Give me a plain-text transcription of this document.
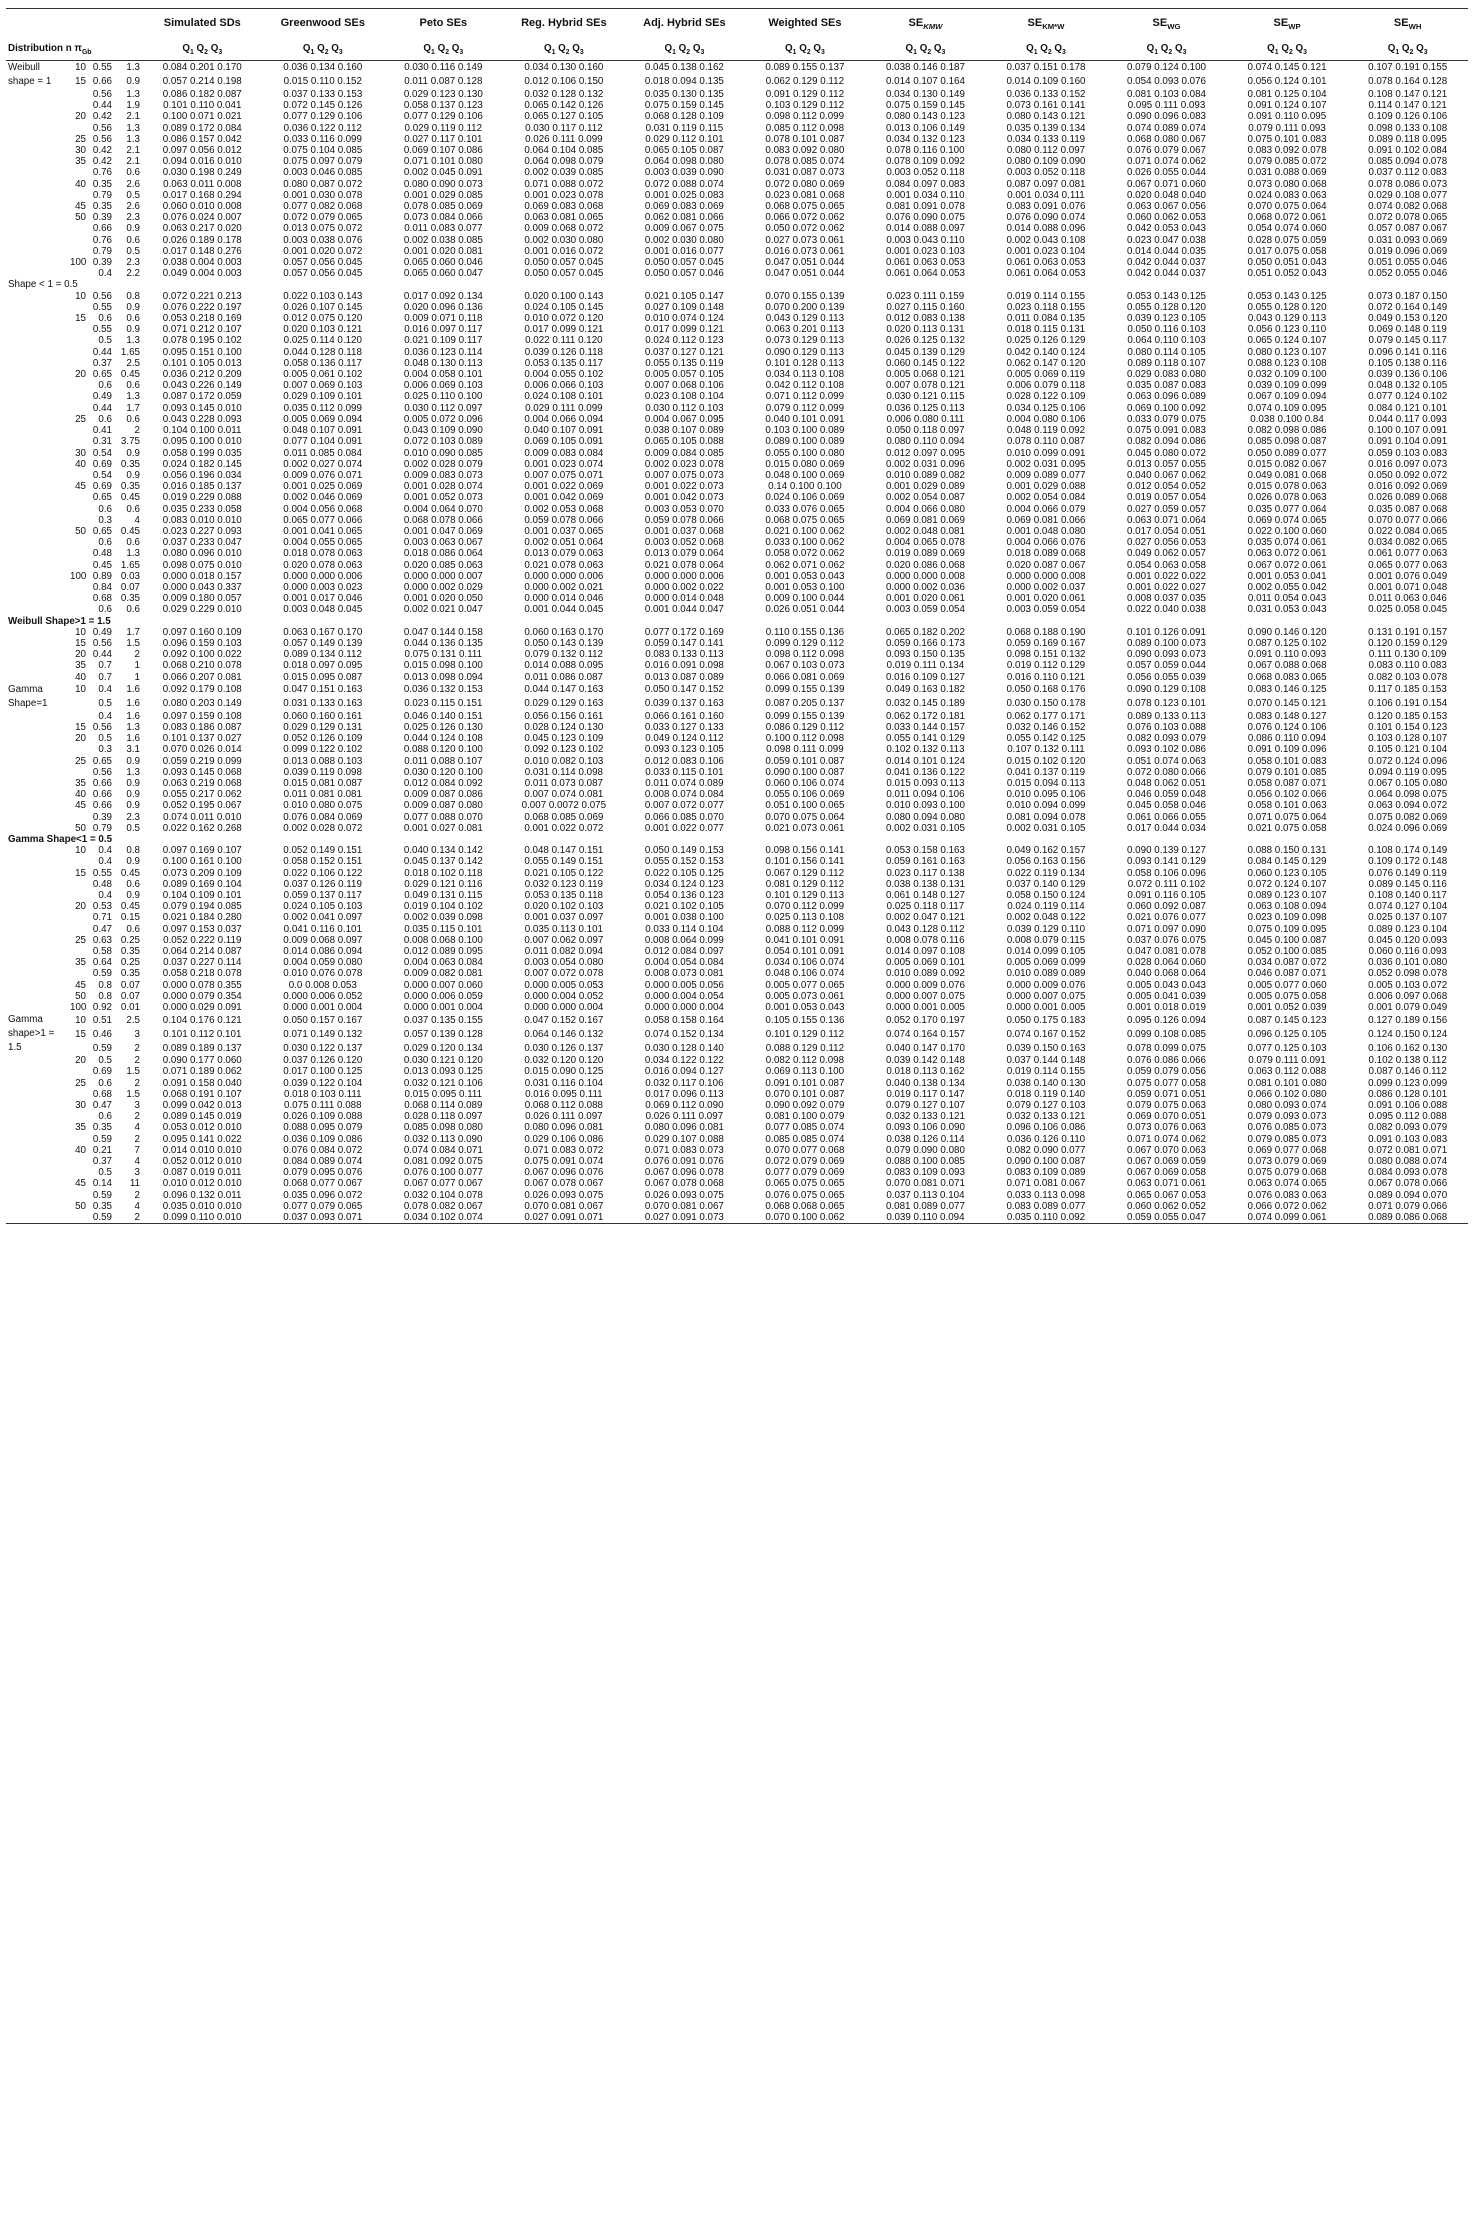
				Simulated SDs	Greenwood SEs	Peto SEs	Reg. Hybrid SEs	Adj. Hybrid SEs	Weighted SEs	$SE_{KMW}$	$SE_{KM*W}$	$SE_{WG}$	$SE_{WP}$	$SE_{WH}$
Distribution n $\pi_{Gb}$				$Q_1$ $Q_2$ $Q_3$	$Q_1$ $Q_2$ $Q_3$	$Q_1$ $Q_2$ $Q_3$	$Q_1$ $Q_2$ $Q_3$	$Q_1$ $Q_2$ $Q_3$	$Q_1$ $Q_2$ $Q_3$	$Q_1$ $Q_2$ $Q_3$	$Q_1$ $Q_2$ $Q_3$	$Q_1$ $Q_2$ $Q_3$	$Q_1$ $Q_2$ $Q_3$	$Q_1$ $Q_2$ $Q_3$
Weibull	10	0.55	1.3	0.084 0.201 0.170	0.036 0.134 0.160	0.030 0.116 0.149	0.034 0.130 0.160	0.045 0.138 0.162	0.089 0.155 0.137	0.038 0.146 0.187	0.037 0.151 0.178	0.079 0.124 0.100	0.074 0.145 0.121	0.107 0.191 0.155
shape = 1	15	0.66	0.9	0.057 0.214 0.198	0.015 0.110 0.152	0.011 0.087 0.128	0.012 0.106 0.150	0.018 0.094 0.135	0.062 0.129 0.112	0.014 0.107 0.164	0.014 0.109 0.160	0.054 0.093 0.076	0.056 0.124 0.101	0.078 0.164 0.128
		0.56	1.3	0.086 0.182 0.087	0.037 0.133 0.153	0.029 0.123 0.130	0.032 0.128 0.132	0.035 0.130 0.135	0.091 0.129 0.112	0.034 0.130 0.149	0.036 0.133 0.152	0.081 0.103 0.084	0.081 0.125 0.104	0.108 0.147 0.121
		0.44	1.9	0.101 0.110 0.041	0.072 0.145 0.126	0.058 0.137 0.123	0.065 0.142 0.126	0.075 0.159 0.145	0.103 0.129 0.112	0.075 0.159 0.145	0.073 0.161 0.141	0.095 0.111 0.093	0.091 0.124 0.107	0.114 0.147 0.121
	20	0.42	2.1	0.100 0.071 0.021	0.077 0.129 0.106	0.077 0.129 0.106	0.065 0.127 0.105	0.068 0.128 0.109	0.098 0.112 0.099	0.080 0.143 0.123	0.080 0.143 0.121	0.090 0.096 0.083	0.091 0.110 0.095	0.109 0.126 0.106
		0.56	1.3	0.089 0.172 0.084	0.036 0.122 0.112	0.029 0.119 0.112	0.030 0.117 0.112	0.031 0.119 0.115	0.085 0.112 0.098	0.013 0.106 0.149	0.035 0.139 0.134	0.074 0.089 0.074	0.079 0.111 0.093	0.098 0.133 0.108
	25	0.56	1.3	0.086 0.157 0.042	0.033 0.116 0.099	0.027 0.117 0.101	0.026 0.111 0.099	0.029 0.112 0.101	0.078 0.101 0.087	0.034 0.132 0.123	0.034 0.133 0.119	0.068 0.080 0.067	0.075 0.101 0.083	0.089 0.118 0.095
	30	0.42	2.1	0.097 0.056 0.012	0.075 0.104 0.085	0.069 0.107 0.086	0.064 0.104 0.085	0.065 0.105 0.087	0.083 0.092 0.080	0.078 0.116 0.100	0.080 0.112 0.097	0.076 0.079 0.067	0.083 0.092 0.078	0.091 0.102 0.084
	35	0.42	2.1	0.094 0.016 0.010	0.075 0.097 0.079	0.071 0.101 0.080	0.064 0.098 0.079	0.064 0.098 0.080	0.078 0.085 0.074	0.078 0.109 0.092	0.080 0.109 0.090	0.071 0.074 0.062	0.079 0.085 0.072	0.085 0.094 0.078
		0.76	0.6	0.030 0.198 0.249	0.003 0.046 0.085	0.002 0.045 0.091	0.002 0.039 0.085	0.003 0.039 0.090	0.031 0.087 0.073	0.003 0.052 0.118	0.003 0.052 0.118	0.026 0.055 0.044	0.031 0.088 0.069	0.037 0.112 0.083
	40	0.35	2.6	0.063 0.011 0.008	0.080 0.087 0.072	0.080 0.090 0.073	0.071 0.088 0.072	0.072 0.088 0.074	0.072 0.080 0.069	0.084 0.097 0.083	0.087 0.097 0.081	0.067 0.071 0.060	0.073 0.080 0.068	0.078 0.086 0.073
		0.79	0.5	0.017 0.168 0.294	0.001 0.030 0.078	0.001 0.029 0.085	0.001 0.023 0.078	0.001 0.025 0.083	0.023 0.081 0.068	0.001 0.034 0.110	0.001 0.034 0.111	0.020 0.048 0.040	0.024 0.083 0.063	0.029 0.108 0.077
	45	0.35	2.6	0.060 0.010 0.008	0.077 0.082 0.068	0.078 0.085 0.069	0.069 0.083 0.068	0.069 0.083 0.069	0.068 0.075 0.065	0.081 0.091 0.078	0.083 0.091 0.076	0.063 0.067 0.056	0.070 0.075 0.064	0.074 0.082 0.068
	50	0.39	2.3	0.076 0.024 0.007	0.072 0.079 0.065	0.073 0.084 0.066	0.063 0.081 0.065	0.062 0.081 0.066	0.066 0.072 0.062	0.076 0.090 0.075	0.076 0.090 0.074	0.060 0.062 0.053	0.068 0.072 0.061	0.072 0.078 0.065
		0.66	0.9	0.063 0.217 0.020	0.013 0.075 0.072	0.011 0.083 0.077	0.009 0.068 0.072	0.009 0.067 0.075	0.050 0.072 0.062	0.014 0.088 0.097	0.014 0.088 0.096	0.042 0.053 0.043	0.054 0.074 0.060	0.057 0.087 0.067
		0.76	0.6	0.026 0.189 0.178	0.003 0.038 0.076	0.002 0.038 0.085	0.002 0.030 0.080	0.002 0.030 0.080	0.027 0.073 0.061	0.003 0.043 0.110	0.002 0.043 0.108	0.023 0.047 0.038	0.028 0.075 0.059	0.031 0.093 0.069
		0.79	0.5	0.017 0.148 0.276	0.001 0.020 0.072	0.001 0.020 0.081	0.001 0.016 0.072	0.001 0.016 0.077	0.016 0.073 0.061	0.001 0.023 0.103	0.001 0.023 0.104	0.014 0.044 0.035	0.017 0.075 0.058	0.019 0.096 0.069
	100	0.39	2.3	0.038 0.004 0.003	0.057 0.056 0.045	0.065 0.060 0.046	0.050 0.057 0.045	0.050 0.057 0.045	0.047 0.051 0.044	0.061 0.063 0.053	0.061 0.063 0.053	0.042 0.044 0.037	0.050 0.051 0.043	0.051 0.055 0.046
		0.4	2.2	0.049 0.004 0.003	0.057 0.056 0.045	0.065 0.060 0.047	0.050 0.057 0.045	0.050 0.057 0.046	0.047 0.051 0.044	0.061 0.064 0.053	0.061 0.064 0.053	0.042 0.044 0.037	0.051 0.052 0.043	0.052 0.055 0.046
Shape < 1 = 0.5														
	10	0.56	0.8	0.072 0.221 0.213	0.022 0.103 0.143	0.017 0.092 0.134	0.020 0.100 0.143	0.021 0.105 0.147	0.070 0.155 0.139	0.023 0.111 0.159	0.019 0.114 0.155	0.053 0.143 0.125	0.053 0.143 0.125	0.073 0.187 0.150
		0.55	0.9	0.076 0.222 0.197	0.026 0.107 0.145	0.020 0.096 0.136	0.024 0.105 0.145	0.027 0.109 0.148	0.070 0.200 0.139	0.027 0.115 0.160	0.023 0.118 0.155	0.055 0.128 0.120	0.055 0.128 0.120	0.072 0.164 0.149
	15	0.6	0.6	0.053 0.218 0.169	0.012 0.075 0.120	0.009 0.071 0.118	0.010 0.072 0.120	0.010 0.074 0.124	0.043 0.129 0.113	0.012 0.083 0.138	0.011 0.084 0.135	0.039 0.123 0.105	0.043 0.129 0.113	0.049 0.153 0.120
		0.55	0.9	0.071 0.212 0.107	0.020 0.103 0.121	0.016 0.097 0.117	0.017 0.099 0.121	0.017 0.099 0.121	0.063 0.201 0.113	0.020 0.113 0.131	0.018 0.115 0.131	0.050 0.116 0.103	0.056 0.123 0.110	0.069 0.148 0.119
		0.5	1.3	0.078 0.195 0.102	0.025 0.114 0.120	0.021 0.109 0.117	0.022 0.111 0.120	0.024 0.112 0.123	0.073 0.129 0.113	0.026 0.125 0.132	0.025 0.126 0.129	0.064 0.110 0.103	0.065 0.124 0.107	0.079 0.145 0.117
		0.44	1.65	0.095 0.151 0.100	0.044 0.128 0.118	0.036 0.123 0.114	0.039 0.126 0.118	0.037 0.127 0.121	0.090 0.129 0.113	0.045 0.139 0.129	0.042 0.140 0.124	0.080 0.114 0.105	0.080 0.123 0.107	0.096 0.141 0.116
		0.37	2.5	0.101 0.105 0.013	0.058 0.136 0.117	0.048 0.130 0.113	0.053 0.135 0.117	0.055 0.135 0.119	0.101 0.128 0.113	0.060 0.145 0.122	0.062 0.147 0.120	0.089 0.118 0.107	0.088 0.123 0.108	0.105 0.138 0.116
	20	0.65	0.45	0.036 0.212 0.209	0.005 0.061 0.102	0.004 0.058 0.101	0.004 0.055 0.102	0.005 0.057 0.105	0.034 0.113 0.108	0.005 0.068 0.121	0.005 0.069 0.119	0.029 0.083 0.080	0.032 0.109 0.100	0.039 0.136 0.106
		0.6	0.6	0.043 0.226 0.149	0.007 0.069 0.103	0.006 0.069 0.103	0.006 0.066 0.103	0.007 0.068 0.106	0.042 0.112 0.108	0.007 0.078 0.121	0.006 0.079 0.118	0.035 0.087 0.083	0.039 0.109 0.099	0.048 0.132 0.105
		0.49	1.3	0.087 0.172 0.059	0.029 0.109 0.101	0.025 0.110 0.100	0.024 0.108 0.101	0.023 0.108 0.104	0.071 0.112 0.099	0.030 0.121 0.115	0.028 0.122 0.109	0.063 0.096 0.089	0.067 0.109 0.094	0.077 0.124 0.102
		0.44	1.7	0.093 0.145 0.010	0.035 0.112 0.099	0.030 0.112 0.097	0.029 0.111 0.099	0.030 0.112 0.103	0.079 0.112 0.099	0.036 0.125 0.113	0.034 0.125 0.106	0.069 0.100 0.092	0.074 0.109 0.095	0.084 0.121 0.101
	25	0.6	0.6	0.043 0.228 0.093	0.005 0.069 0.094	0.005 0.072 0.096	0.004 0.066 0.094	0.004 0.067 0.095	0.040 0.101 0.091	0.006 0.080 0.111	0.004 0.080 0.106	0.033 0.079 0.075	0.038 0.100 0.84	0.044 0.117 0.093
		0.41	2	0.104 0.100 0.011	0.048 0.107 0.091	0.043 0.109 0.090	0.040 0.107 0.091	0.038 0.107 0.089	0.103 0.100 0.089	0.050 0.118 0.097	0.048 0.119 0.092	0.075 0.091 0.083	0.082 0.098 0.086	0.100 0.107 0.091
		0.31	3.75	0.095 0.100 0.010	0.077 0.104 0.091	0.072 0.103 0.089	0.069 0.105 0.091	0.065 0.105 0.088	0.089 0.100 0.089	0.080 0.110 0.094	0.078 0.110 0.087	0.082 0.094 0.086	0.085 0.098 0.087	0.091 0.104 0.091
	30	0.54	0.9	0.058 0.199 0.035	0.011 0.085 0.084	0.010 0.090 0.085	0.009 0.083 0.084	0.009 0.084 0.085	0.055 0.100 0.080	0.012 0.097 0.095	0.010 0.099 0.091	0.045 0.080 0.072	0.050 0.089 0.077	0.059 0.103 0.083
	40	0.69	0.35	0.024 0.182 0.145	0.002 0.027 0.074	0.002 0.028 0.079	0.001 0.023 0.074	0.002 0.023 0.078	0.015 0.080 0.069	0.002 0.031 0.096	0.002 0.031 0.095	0.013 0.057 0.055	0.015 0.082 0.067	0.016 0.097 0.073
		0.54	0.9	0.056 0.196 0.034	0.009 0.076 0.071	0.009 0.083 0.073	0.007 0.075 0.071	0.007 0.075 0.073	0.048 0.100 0.069	0.010 0.089 0.082	0.009 0.089 0.077	0.040 0.067 0.062	0.049 0.081 0.068	0.050 0.092 0.072
	45	0.69	0.35	0.016 0.185 0.137	0.001 0.025 0.069	0.001 0.028 0.074	0.001 0.022 0.069	0.001 0.022 0.073	0.14 0.100 0.100	0.001 0.029 0.089	0.001 0.029 0.088	0.012 0.054 0.052	0.015 0.078 0.063	0.016 0.092 0.069
		0.65	0.45	0.019 0.229 0.088	0.002 0.046 0.069	0.001 0.052 0.073	0.001 0.042 0.069	0.001 0.042 0.073	0.024 0.106 0.069	0.002 0.054 0.087	0.002 0.054 0.084	0.019 0.057 0.054	0.026 0.078 0.063	0.026 0.089 0.068
		0.6	0.6	0.035 0.233 0.058	0.004 0.056 0.068	0.004 0.064 0.070	0.002 0.053 0.068	0.003 0.053 0.070	0.033 0.076 0.065	0.004 0.066 0.080	0.004 0.066 0.079	0.027 0.059 0.057	0.035 0.077 0.064	0.035 0.087 0.068
		0.3	4	0.083 0.010 0.010	0.065 0.077 0.066	0.068 0.078 0.066	0.059 0.078 0.066	0.059 0.078 0.066	0.068 0.075 0.065	0.069 0.081 0.069	0.069 0.081 0.066	0.063 0.071 0.064	0.069 0.074 0.065	0.070 0.077 0.066
	50	0.65	0.45	0.023 0.227 0.093	0.001 0.041 0.065	0.001 0.047 0.069	0.001 0.037 0.065	0.001 0.037 0.068	0.021 0.100 0.062	0.002 0.048 0.081	0.001 0.048 0.080	0.017 0.054 0.051	0.022 0.100 0.060	0.022 0.084 0.065
		0.6	0.6	0.037 0.233 0.047	0.004 0.055 0.065	0.003 0.063 0.067	0.002 0.051 0.064	0.003 0.052 0.068	0.033 0.100 0.062	0.004 0.065 0.078	0.004 0.066 0.076	0.027 0.056 0.053	0.035 0.074 0.061	0.034 0.082 0.065
		0.48	1.3	0.080 0.096 0.010	0.018 0.078 0.063	0.018 0.086 0.064	0.013 0.079 0.063	0.013 0.079 0.064	0.058 0.072 0.062	0.019 0.089 0.069	0.018 0.089 0.068	0.049 0.062 0.057	0.063 0.072 0.061	0.061 0.077 0.063
		0.45	1.65	0.098 0.075 0.010	0.020 0.078 0.063	0.020 0.085 0.063	0.021 0.078 0.063	0.021 0.078 0.064	0.062 0.071 0.062	0.020 0.086 0.068	0.020 0.087 0.067	0.054 0.063 0.058	0.067 0.072 0.061	0.065 0.077 0.063
	100	0.89	0.03	0.000 0.018 0.157	0.000 0.000 0.006	0.000 0.000 0.007	0.000 0.000 0.006	0.000 0.000 0.006	0.001 0.053 0.043	0.000 0.000 0.008	0.000 0.000 0.008	0.001 0.022 0.022	0.001 0.053 0.041	0.001 0.076 0.049
		0.84	0.07	0.000 0.043 0.337	0.000 0.003 0.023	0.000 0.002 0.029	0.000 0.002 0.021	0.000 0.002 0.022	0.001 0.053 0.100	0.000 0.002 0.036	0.000 0.002 0.037	0.001 0.022 0.027	0.002 0.055 0.042	0.001 0.071 0.048
		0.68	0.35	0.009 0.180 0.057	0.001 0.017 0.046	0.001 0.020 0.050	0.000 0.014 0.046	0.000 0.014 0.048	0.009 0.100 0.044	0.001 0.020 0.061	0.001 0.020 0.061	0.008 0.037 0.035	0.011 0.054 0.043	0.011 0.063 0.046
		0.6	0.6	0.029 0.229 0.010	0.003 0.048 0.045	0.002 0.021 0.047	0.001 0.044 0.045	0.001 0.044 0.047	0.026 0.051 0.044	0.003 0.059 0.054	0.003 0.059 0.054	0.022 0.040 0.038	0.031 0.053 0.043	0.025 0.058 0.045
Weibull Shape>1 = 1.5														
	10	0.49	1.7	0.097 0.160 0.109	0.063 0.167 0.170	0.047 0.144 0.158	0.060 0.163 0.170	0.077 0.172 0.169	0.110 0.155 0.136	0.065 0.182 0.202	0.068 0.188 0.190	0.101 0.126 0.091	0.090 0.146 0.120	0.131 0.191 0.157
	15	0.56	1.5	0.096 0.159 0.103	0.057 0.149 0.139	0.044 0.136 0.135	0.050 0.143 0.139	0.059 0.147 0.141	0.099 0.129 0.112	0.059 0.166 0.173	0.059 0.169 0.167	0.089 0.100 0.073	0.087 0.125 0.102	0.120 0.159 0.129
	20	0.44	2	0.092 0.100 0.022	0.089 0.134 0.112	0.075 0.131 0.111	0.079 0.132 0.112	0.083 0.133 0.113	0.098 0.112 0.098	0.093 0.150 0.135	0.098 0.151 0.132	0.090 0.093 0.073	0.091 0.110 0.093	0.111 0.130 0.109
	35	0.7	1	0.068 0.210 0.078	0.018 0.097 0.095	0.015 0.098 0.100	0.014 0.088 0.095	0.016 0.091 0.098	0.067 0.103 0.073	0.019 0.111 0.134	0.019 0.112 0.129	0.057 0.059 0.044	0.067 0.088 0.068	0.083 0.110 0.083
	40	0.7	1	0.066 0.207 0.081	0.015 0.095 0.087	0.013 0.098 0.094	0.011 0.086 0.087	0.013 0.087 0.089	0.066 0.081 0.069	0.016 0.109 0.127	0.016 0.110 0.121	0.056 0.055 0.039	0.068 0.083 0.065	0.082 0.103 0.078
Gamma	10	0.4	1.6	0.092 0.179 0.108	0.047 0.151 0.163	0.036 0.132 0.153	0.044 0.147 0.163	0.050 0.147 0.152	0.099 0.155 0.139	0.049 0.163 0.182	0.050 0.168 0.176	0.090 0.129 0.108	0.083 0.146 0.125	0.117 0.185 0.153
Shape=1		0.5	1.6	0.080 0.203 0.149	0.031 0.133 0.163	0.023 0.115 0.151	0.029 0.129 0.163	0.039 0.137 0.163	0.087 0.205 0.137	0.032 0.145 0.189	0.030 0.150 0.178	0.078 0.123 0.101	0.070 0.145 0.121	0.106 0.191 0.154
		0.4	1.6	0.097 0.159 0.108	0.060 0.160 0.161	0.046 0.140 0.151	0.056 0.156 0.161	0.066 0.161 0.160	0.099 0.155 0.139	0.062 0.172 0.181	0.062 0.177 0.171	0.089 0.133 0.113	0.083 0.148 0.127	0.120 0.185 0.153
	15	0.56	1.3	0.083 0.186 0.087	0.029 0.129 0.131	0.025 0.126 0.130	0.028 0.124 0.130	0.033 0.127 0.133	0.086 0.129 0.112	0.033 0.144 0.157	0.032 0.146 0.152	0.076 0.103 0.088	0.076 0.124 0.106	0.101 0.154 0.123
	20	0.5	1.6	0.101 0.137 0.027	0.052 0.126 0.109	0.044 0.124 0.108	0.045 0.123 0.109	0.049 0.124 0.112	0.100 0.112 0.098	0.055 0.141 0.129	0.055 0.142 0.125	0.082 0.093 0.079	0.086 0.110 0.094	0.103 0.128 0.107
		0.3	3.1	0.070 0.026 0.014	0.099 0.122 0.102	0.088 0.120 0.100	0.092 0.123 0.102	0.093 0.123 0.105	0.098 0.111 0.099	0.102 0.132 0.113	0.107 0.132 0.111	0.093 0.102 0.086	0.091 0.109 0.096	0.105 0.121 0.104
	25	0.65	0.9	0.059 0.219 0.099	0.013 0.088 0.103	0.011 0.088 0.107	0.010 0.082 0.103	0.012 0.083 0.106	0.059 0.101 0.087	0.014 0.101 0.124	0.015 0.102 0.120	0.051 0.074 0.063	0.058 0.101 0.083	0.072 0.124 0.096
		0.56	1.3	0.093 0.145 0.068	0.039 0.119 0.098	0.030 0.120 0.100	0.031 0.114 0.098	0.033 0.115 0.101	0.090 0.100 0.087	0.041 0.136 0.122	0.041 0.137 0.119	0.072 0.080 0.066	0.079 0.101 0.085	0.094 0.119 0.095
	35	0.66	0.9	0.063 0.219 0.068	0.015 0.081 0.087	0.012 0.084 0.092	0.011 0.073 0.087	0.011 0.074 0.089	0.060 0.106 0.074	0.015 0.093 0.113	0.015 0.094 0.113	0.048 0.062 0.051	0.058 0.087 0.071	0.067 0.105 0.080
	40	0.66	0.9	0.055 0.217 0.062	0.011 0.081 0.081	0.009 0.087 0.086	0.007 0.074 0.081	0.008 0.074 0.084	0.055 0.106 0.069	0.011 0.094 0.106	0.010 0.095 0.106	0.046 0.059 0.048	0.056 0.102 0.066	0.064 0.098 0.075
	45	0.66	0.9	0.052 0.195 0.067	0.010 0.080 0.075	0.009 0.087 0.080	0.007 0.0072 0.075	0.007 0.072 0.077	0.051 0.100 0.065	0.010 0.093 0.100	0.010 0.094 0.099	0.045 0.058 0.046	0.058 0.101 0.063	0.063 0.094 0.072
		0.39	2.3	0.074 0.011 0.010	0.076 0.084 0.069	0.077 0.088 0.070	0.068 0.085 0.069	0.066 0.085 0.070	0.070 0.075 0.064	0.080 0.094 0.080	0.081 0.094 0.078	0.061 0.066 0.055	0.071 0.075 0.064	0.075 0.082 0.069
	50	0.79	0.5	0.022 0.162 0.268	0.002 0.028 0.072	0.001 0.027 0.081	0.001 0.022 0.072	0.001 0.022 0.077	0.021 0.073 0.061	0.002 0.031 0.105	0.002 0.031 0.105	0.017 0.044 0.034	0.021 0.075 0.058	0.024 0.096 0.069
Gamma Shape<1 = 0.5														
	10	0.4	0.8	0.097 0.169 0.107	0.052 0.149 0.151	0.040 0.134 0.142	0.048 0.147 0.151	0.050 0.149 0.153	0.098 0.156 0.141	0.053 0.158 0.163	0.049 0.162 0.157	0.090 0.139 0.127	0.088 0.150 0.131	0.108 0.174 0.149
		0.4	0.9	0.100 0.161 0.100	0.058 0.152 0.151	0.045 0.137 0.142	0.055 0.149 0.151	0.055 0.152 0.153	0.101 0.156 0.141	0.059 0.161 0.163	0.056 0.163 0.156	0.093 0.141 0.129	0.084 0.145 0.129	0.109 0.172 0.148
	15	0.55	0.45	0.073 0.209 0.109	0.022 0.106 0.122	0.018 0.102 0.118	0.021 0.105 0.122	0.022 0.105 0.125	0.067 0.129 0.112	0.023 0.117 0.138	0.022 0.119 0.134	0.058 0.106 0.096	0.060 0.123 0.105	0.076 0.149 0.119
		0.48	0.6	0.089 0.169 0.104	0.037 0.126 0.119	0.029 0.121 0.116	0.032 0.123 0.119	0.034 0.124 0.123	0.081 0.129 0.112	0.038 0.138 0.131	0.037 0.140 0.129	0.072 0.111 0.102	0.072 0.124 0.107	0.089 0.145 0.116
		0.4	0.9	0.104 0.109 0.101	0.059 0.137 0.117	0.049 0.131 0.115	0.053 0.135 0.118	0.054 0.136 0.123	0.101 0.129 0.113	0.061 0.148 0.127	0.058 0.150 0.124	0.091 0.116 0.105	0.089 0.123 0.107	0.108 0.140 0.117
	20	0.53	0.45	0.079 0.194 0.085	0.024 0.105 0.103	0.019 0.104 0.102	0.020 0.102 0.103	0.021 0.102 0.105	0.070 0.112 0.099	0.025 0.118 0.117	0.024 0.119 0.114	0.060 0.092 0.087	0.063 0.108 0.094	0.074 0.127 0.104
		0.71	0.15	0.021 0.184 0.280	0.002 0.041 0.097	0.002 0.039 0.098	0.001 0.037 0.097	0.001 0.038 0.100	0.025 0.113 0.108	0.002 0.047 0.121	0.002 0.048 0.122	0.021 0.076 0.077	0.023 0.109 0.098	0.025 0.137 0.107
		0.47	0.6	0.097 0.153 0.037	0.041 0.116 0.101	0.035 0.115 0.101	0.035 0.113 0.101	0.033 0.114 0.104	0.088 0.112 0.099	0.043 0.128 0.112	0.039 0.129 0.110	0.071 0.097 0.090	0.075 0.109 0.095	0.089 0.123 0.104
	25	0.63	0.25	0.052 0.222 0.119	0.009 0.068 0.097	0.008 0.068 0.100	0.007 0.062 0.097	0.008 0.064 0.099	0.041 0.101 0.091	0.008 0.078 0.116	0.008 0.079 0.115	0.037 0.076 0.075	0.045 0.100 0.087	0.045 0.120 0.093
		0.58	0.35	0.064 0.214 0.087	0.014 0.086 0.094	0.012 0.089 0.095	0.011 0.082 0.094	0.012 0.084 0.097	0.054 0.101 0.091	0.014 0.097 0.108	0.014 0.099 0.105	0.047 0.081 0.078	0.052 0.100 0.085	0.060 0.116 0.093
	35	0.64	0.25	0.037 0.227 0.114	0.004 0.059 0.080	0.004 0.063 0.084	0.003 0.054 0.080	0.004 0.054 0.084	0.034 0.106 0.074	0.005 0.069 0.101	0.005 0.069 0.099	0.028 0.064 0.060	0.034 0.087 0.072	0.036 0.101 0.080
		0.59	0.35	0.058 0.218 0.078	0.010 0.076 0.078	0.009 0.082 0.081	0.007 0.072 0.078	0.008 0.073 0.081	0.048 0.106 0.074	0.010 0.089 0.092	0.010 0.089 0.089	0.040 0.068 0.064	0.046 0.087 0.071	0.052 0.098 0.078
	45	0.8	0.07	0.000 0.078 0.355	0.0 0.008 0.053	0.000 0.007 0.060	0.000 0.005 0.053	0.000 0.005 0.056	0.005 0.077 0.065	0.000 0.009 0.076	0.000 0.009 0.076	0.005 0.043 0.043	0.005 0.077 0.060	0.005 0.103 0.072
	50	0.8	0.07	0.000 0.079 0.354	0.000 0.006 0.052	0.000 0.006 0.059	0.000 0.004 0.052	0.000 0.004 0.054	0.005 0.073 0.061	0.000 0.007 0.075	0.000 0.007 0.075	0.005 0.041 0.039	0.005 0.075 0.058	0.006 0.097 0.068
	100	0.92	0.01	0.000 0.029 0.091	0.000 0.001 0.004	0.000 0.001 0.004	0.000 0.000 0.004	0.000 0.000 0.004	0.001 0.053 0.043	0.000 0.001 0.005	0.000 0.001 0.005	0.001 0.018 0.019	0.001 0.052 0.039	0.001 0.079 0.049
Gamma	10	0.51	2.5	0.104 0.176 0.121	0.050 0.157 0.167	0.037 0.135 0.155	0.047 0.152 0.167	0.058 0.158 0.164	0.105 0.155 0.136	0.052 0.170 0.197	0.050 0.175 0.183	0.095 0.126 0.094	0.087 0.145 0.123	0.127 0.189 0.156
shape>1 =	15	0.46	3	0.101 0.112 0.101	0.071 0.149 0.132	0.057 0.139 0.128	0.064 0.146 0.132	0.074 0.152 0.134	0.101 0.129 0.112	0.074 0.164 0.157	0.074 0.167 0.152	0.099 0.108 0.085	0.096 0.125 0.105	0.124 0.150 0.124
1.5		0.59	2	0.089 0.189 0.137	0.030 0.122 0.137	0.029 0.120 0.134	0.030 0.126 0.137	0.030 0.128 0.140	0.088 0.129 0.112	0.040 0.147 0.170	0.039 0.150 0.163	0.078 0.099 0.075	0.077 0.125 0.103	0.106 0.162 0.130
	20	0.5	2	0.090 0.177 0.060	0.037 0.126 0.120	0.030 0.121 0.120	0.032 0.120 0.120	0.034 0.122 0.122	0.082 0.112 0.098	0.039 0.142 0.148	0.037 0.144 0.148	0.076 0.086 0.066	0.079 0.111 0.091	0.102 0.138 0.112
		0.69	1.5	0.071 0.189 0.062	0.017 0.100 0.125	0.013 0.093 0.125	0.015 0.090 0.125	0.016 0.094 0.127	0.069 0.113 0.100	0.018 0.113 0.162	0.019 0.114 0.155	0.059 0.079 0.056	0.063 0.112 0.088	0.087 0.146 0.112
	25	0.6	2	0.091 0.158 0.040	0.039 0.122 0.104	0.032 0.121 0.106	0.031 0.116 0.104	0.032 0.117 0.106	0.091 0.101 0.087	0.040 0.138 0.134	0.038 0.140 0.130	0.075 0.077 0.058	0.081 0.101 0.080	0.099 0.123 0.099
		0.68	1.5	0.068 0.191 0.107	0.018 0.103 0.111	0.015 0.095 0.111	0.016 0.095 0.111	0.017 0.096 0.113	0.070 0.101 0.087	0.019 0.117 0.147	0.018 0.119 0.140	0.059 0.071 0.051	0.066 0.102 0.080	0.086 0.128 0.101
	30	0.47	3	0.099 0.042 0.013	0.075 0.111 0.088	0.068 0.114 0.089	0.068 0.112 0.088	0.069 0.112 0.090	0.090 0.092 0.079	0.079 0.127 0.107	0.079 0.127 0.103	0.079 0.075 0.063	0.080 0.093 0.074	0.091 0.106 0.088
		0.6	2	0.089 0.145 0.019	0.026 0.109 0.088	0.028 0.118 0.097	0.026 0.111 0.097	0.026 0.111 0.097	0.081 0.100 0.079	0.032 0.133 0.121	0.032 0.133 0.121	0.069 0.070 0.051	0.079 0.093 0.073	0.095 0.112 0.088
	35	0.35	4	0.053 0.012 0.010	0.088 0.095 0.079	0.085 0.098 0.080	0.080 0.096 0.081	0.080 0.096 0.081	0.077 0.085 0.074	0.093 0.106 0.090	0.096 0.106 0.086	0.073 0.076 0.063	0.076 0.085 0.073	0.082 0.093 0.079
		0.59	2	0.095 0.141 0.022	0.036 0.109 0.086	0.032 0.113 0.090	0.029 0.106 0.086	0.029 0.107 0.088	0.085 0.085 0.074	0.038 0.126 0.114	0.036 0.126 0.110	0.071 0.074 0.062	0.079 0.085 0.073	0.091 0.103 0.083
	40	0.21	7	0.014 0.010 0.010	0.076 0.084 0.072	0.074 0.084 0.071	0.071 0.083 0.072	0.071 0.083 0.073	0.070 0.077 0.068	0.079 0.090 0.080	0.082 0.090 0.077	0.067 0.070 0.063	0.069 0.077 0.068	0.072 0.081 0.071
		0.37	4	0.052 0.012 0.010	0.084 0.089 0.074	0.081 0.092 0.075	0.075 0.091 0.074	0.076 0.091 0.076	0.072 0.079 0.069	0.088 0.100 0.085	0.090 0.100 0.087	0.067 0.069 0.059	0.073 0.079 0.069	0.080 0.088 0.074
		0.5	3	0.087 0.019 0.011	0.079 0.095 0.076	0.076 0.100 0.077	0.067 0.096 0.076	0.067 0.096 0.078	0.077 0.079 0.069	0.083 0.109 0.093	0.083 0.109 0.089	0.067 0.069 0.058	0.075 0.079 0.068	0.084 0.093 0.078
	45	0.14	11	0.010 0.012 0.010	0.068 0.077 0.067	0.067 0.077 0.067	0.067 0.078 0.067	0.067 0.078 0.068	0.065 0.075 0.065	0.070 0.081 0.071	0.071 0.081 0.067	0.063 0.071 0.061	0.063 0.074 0.065	0.067 0.078 0.066
		0.59	2	0.096 0.132 0.011	0.035 0.096 0.072	0.032 0.104 0.078	0.026 0.093 0.075	0.026 0.093 0.075	0.076 0.075 0.065	0.037 0.113 0.104	0.033 0.113 0.098	0.065 0.067 0.053	0.076 0.083 0.063	0.089 0.094 0.070
	50	0.35	4	0.035 0.010 0.010	0.077 0.079 0.065	0.078 0.082 0.067	0.070 0.081 0.067	0.070 0.081 0.067	0.068 0.068 0.065	0.081 0.089 0.077	0.083 0.089 0.077	0.060 0.062 0.052	0.066 0.072 0.062	0.071 0.079 0.066
		0.59	2	0.099 0.110 0.010	0.037 0.093 0.071	0.034 0.102 0.074	0.027 0.091 0.071	0.027 0.091 0.073	0.070 0.100 0.062	0.039 0.110 0.094	0.035 0.110 0.092	0.059 0.055 0.047	0.074 0.099 0.061	0.089 0.086 0.068
